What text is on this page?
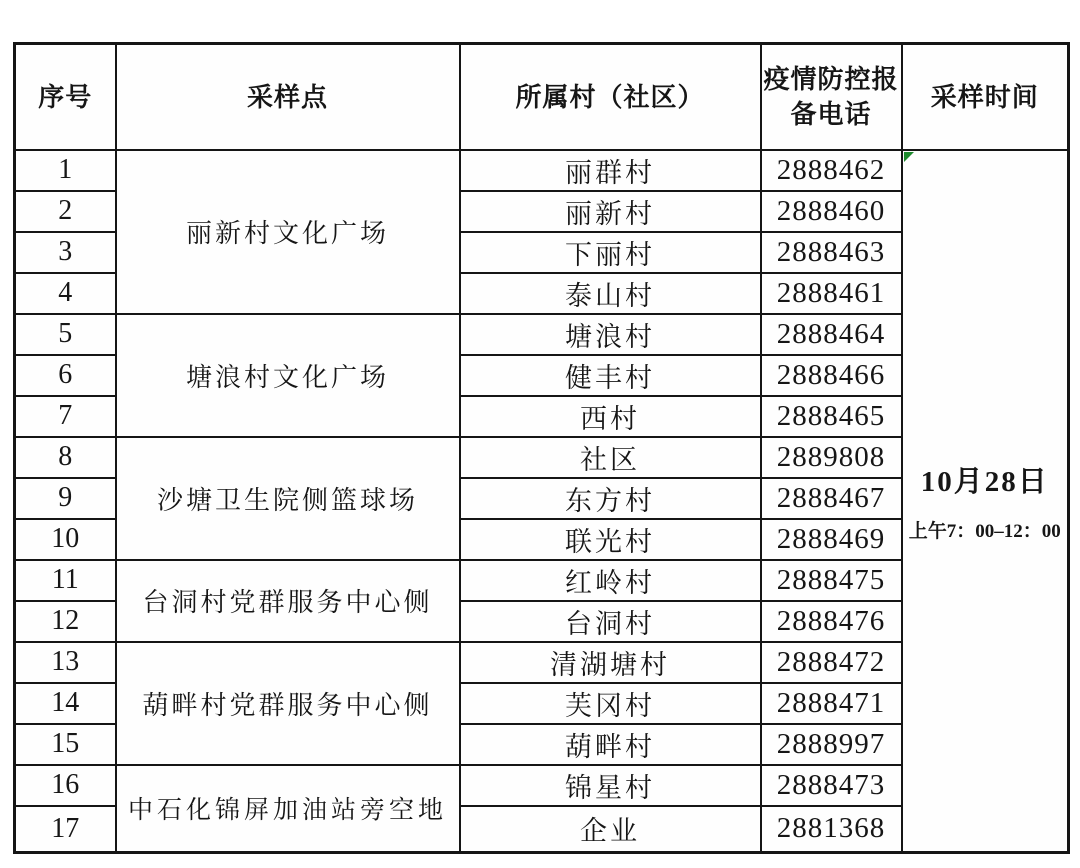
序号	采样点	所属村（社区）	疫情防控报备电话	采样时间
1	丽新村文化广场	丽群村	2888462	10月28日
上午7：00–12：00

2		丽新村	2888460	
3		下丽村	2888463	
4		泰山村	2888461	
5	塘浪村文化广场	塘浪村	2888464	
6		健丰村	2888466	
7		西村	2888465	
8	沙塘卫生院侧篮球场	社区	2889808	
9		东方村	2888467	
10		联光村	2888469	
11	台洞村党群服务中心侧	红岭村	2888475	
12		台洞村	2888476	
13	葫畔村党群服务中心侧	清湖塘村	2888472	
14		芙冈村	2888471	
15		葫畔村	2888997	
16	中石化锦屏加油站旁空地	锦星村	2888473	
17		企业	2881368	
